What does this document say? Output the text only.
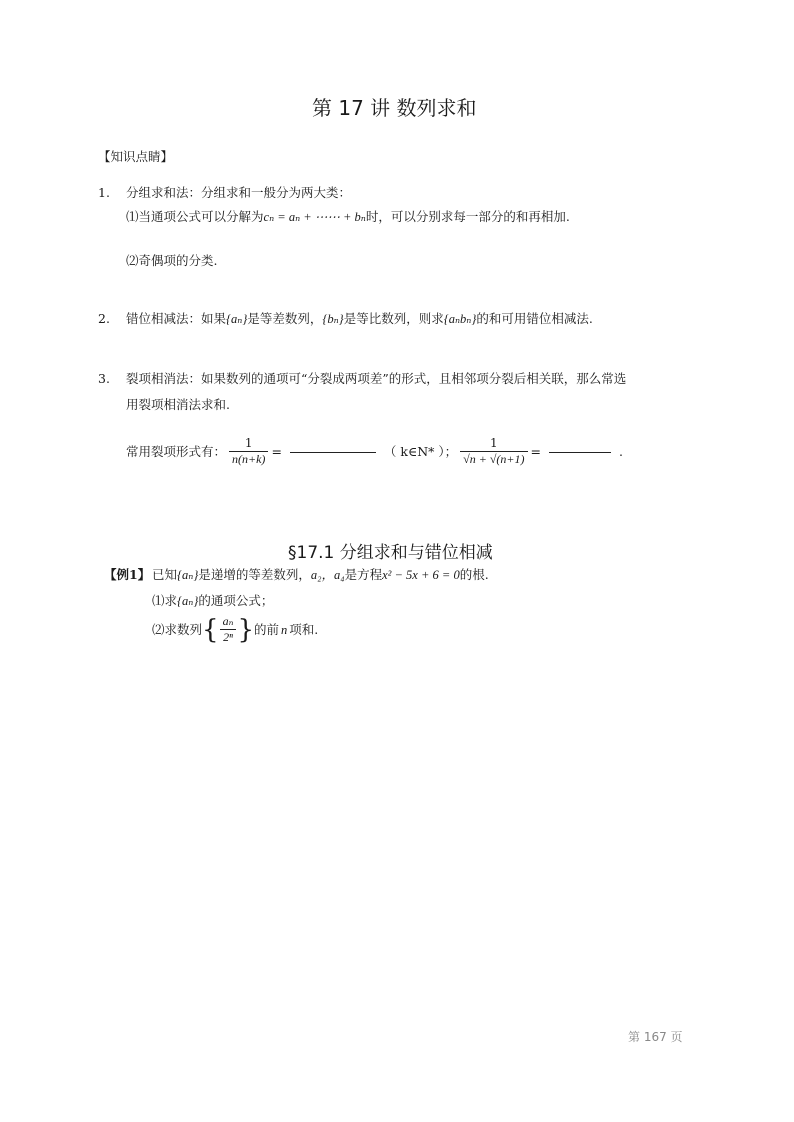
第 17 讲 数列求和
【知识点睛】
1. 分组求和法：分组求和一般分为两大类：
⑴当通项公式可以分解为cₙ = aₙ + ⋯⋯ + bₙ时，可以分别求每一部分的和再相加.
⑵奇偶项的分类.
2. 错位相减法：如果{aₙ}是等差数列，{bₙ}是等比数列，则求{aₙbₙ}的和可用错位相减法.
3. 裂项相消法：如果数列的通项可“分裂成两项差”的形式，且相邻项分裂后相关联，那么常选
用裂项相消法求和.
常用裂项形式有： $\frac{1}{n(n+k)}$ =	（ k∈N* ）； $\frac{1}{√n + √(n+1)}$ =	.
§17.1 分组求和与错位相减
【例1】 已知{aₙ}是递增的等差数列，a₂，a₄是方程x² − 5x + 6 = 0的根.
⑴求{aₙ}的通项公式；
⑵求数列 { $\frac{\text{aₙ}}{\text{2ⁿ}}$ } 的前 n 项和.
第 167 页
